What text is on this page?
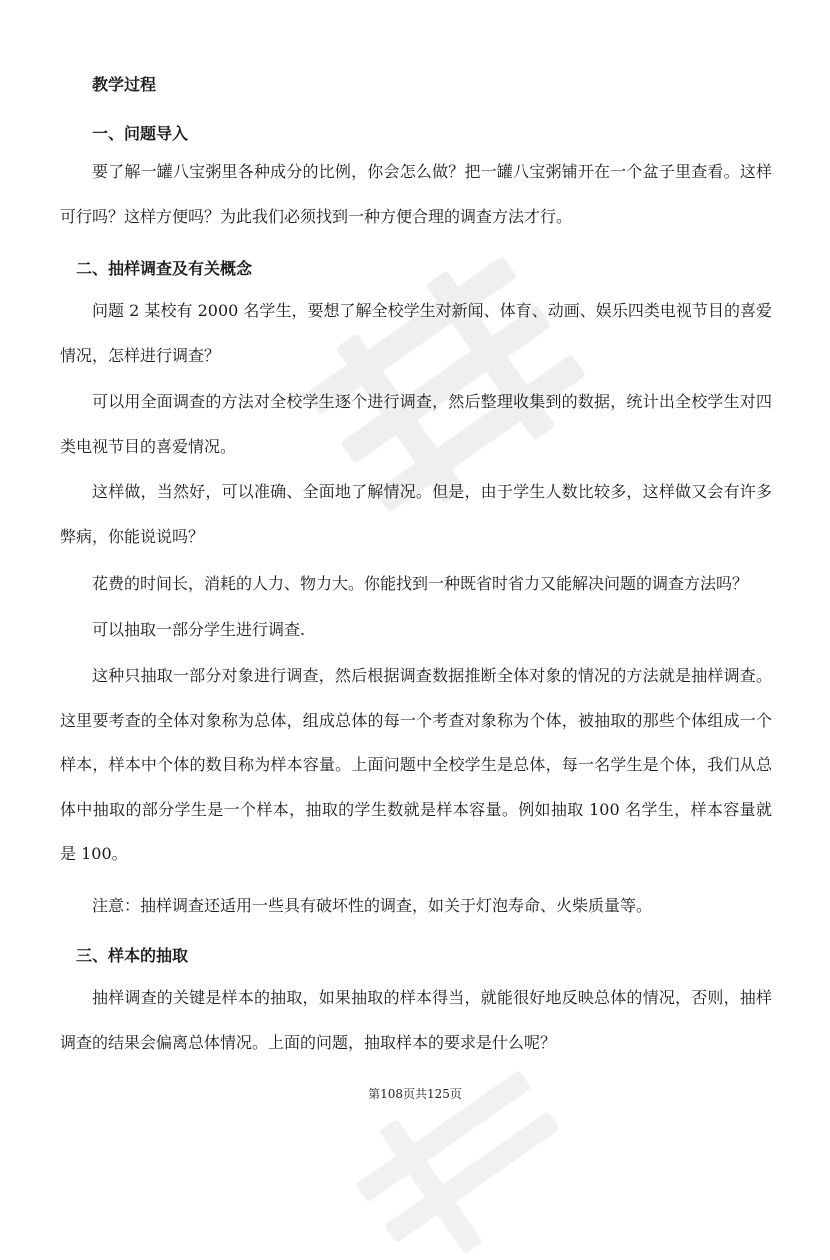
教学过程
一、问题导入
要了解一罐八宝粥里各种成分的比例，你会怎么做？把一罐八宝粥铺开在一个盆子里查看。这样可行吗？这样方便吗？为此我们必须找到一种方便合理的调查方法才行。
二、抽样调查及有关概念
问题 2 某校有 2000 名学生，要想了解全校学生对新闻、体育、动画、娱乐四类电视节目的喜爱情况，怎样进行调查？
可以用全面调查的方法对全校学生逐个进行调查，然后整理收集到的数据，统计出全校学生对四类电视节目的喜爱情况。
这样做，当然好，可以准确、全面地了解情况。但是，由于学生人数比较多，这样做又会有许多弊病，你能说说吗？
花费的时间长，消耗的人力、物力大。你能找到一种既省时省力又能解决问题的调查方法吗？
可以抽取一部分学生进行调查.
这种只抽取一部分对象进行调查，然后根据调查数据推断全体对象的情况的方法就是抽样调查。这里要考查的全体对象称为总体，组成总体的每一个考查对象称为个体，被抽取的那些个体组成一个样本，样本中个体的数目称为样本容量。上面问题中全校学生是总体，每一名学生是个体，我们从总体中抽取的部分学生是一个样本，抽取的学生数就是样本容量。例如抽取 100 名学生，样本容量就是 100。
注意：抽样调查还适用一些具有破坏性的调查，如关于灯泡寿命、火柴质量等。
三、样本的抽取
抽样调查的关键是样本的抽取，如果抽取的样本得当，就能很好地反映总体的情况，否则，抽样调查的结果会偏离总体情况。上面的问题，抽取样本的要求是什么呢？
第108页共125页
